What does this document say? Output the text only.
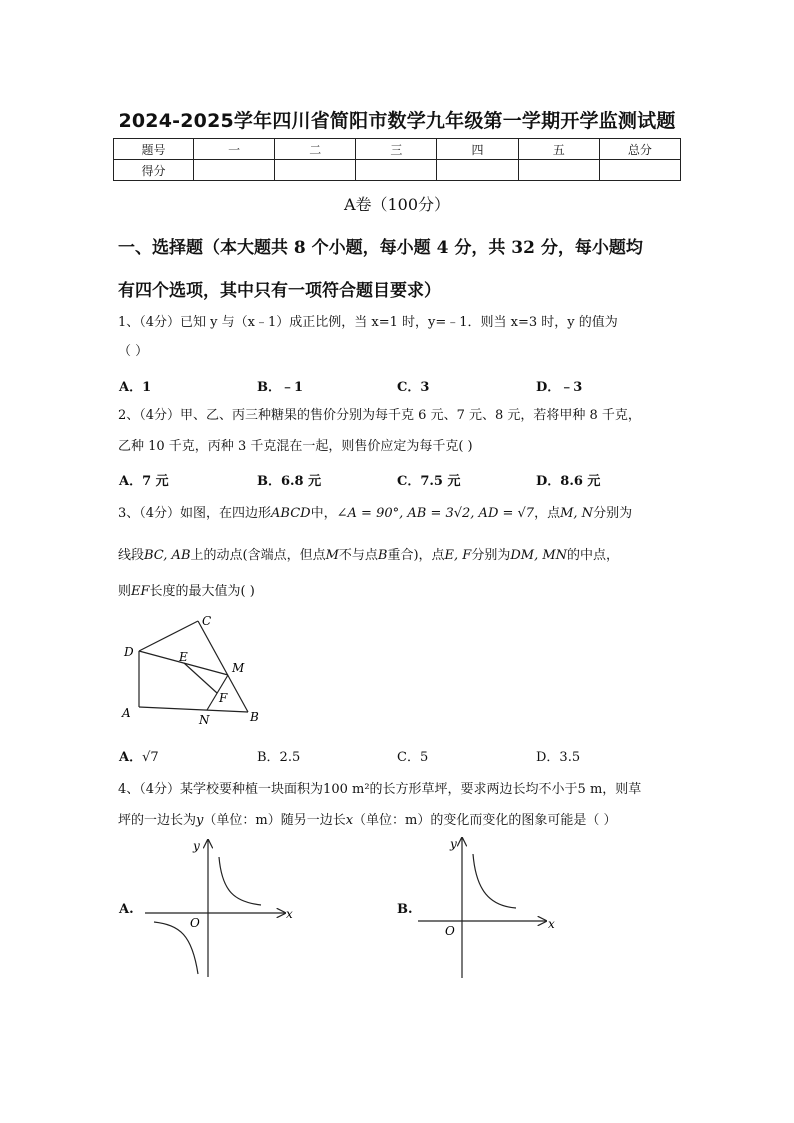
2024-2025学年四川省简阳市数学九年级第一学期开学监测试题
题号	一	二	三	四	五	总分
得分						
A卷（100分）
一、选择题（本大题共 8 个小题，每小题 4 分，共 32 分，每小题均
有四个选项，其中只有一项符合题目要求）
1、（4分）已知 y 与（x﹣1）成正比例，当 x=1 时，y=﹣1．则当 x=3 时，y 的值为
（ ）
A．1	B．﹣1	C．3	D．﹣3
2、（4分）甲、乙、丙三种糖果的售价分别为每千克 6 元、7 元、8 元，若将甲种 8 千克，
乙种 10 千克，丙种 3 千克混在一起，则售价应定为每千克( )
A．7 元	B．6.8 元	C．7.5 元	D．8.6 元
3、（4分）如图，在四边形ABCD中，∠A = 90°, AB = 3√2, AD = √7，点M, N分别为
线段BC, AB上的动点(含端点，但点M不与点B重合)，点E, F分别为DM, MN的中点，
则EF长度的最大值为( )
C
D	E
M
F
A	N	B
A．√7	B．2.5	C．5	D．3.5
4、（4分）某学校要种植一块面积为100 m²的长方形草坪，要求两边长均不小于5 m，则草
坪的一边长为y（单位：m）随另一边长x（单位：m）的变化而变化的图象可能是（ ）
A.
y
x
O
B.
y
x
O
